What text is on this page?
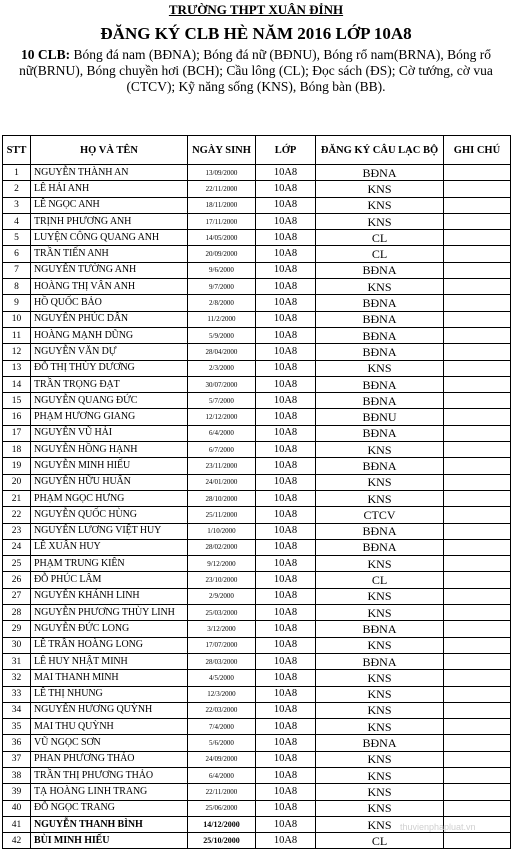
TRƯỜNG THPT XUÂN ĐỈNH
ĐĂNG KÝ CLB HÈ NĂM 2016 LỚP 10A8
10 CLB: Bóng đá nam (BĐNA); Bóng đá nữ (BĐNU), Bóng rổ nam(BRNA), Bóng rổ nữ(BRNU), Bóng chuyền hơi (BCH); Cầu lông (CL); Đọc sách (ĐS); Cờ tướng, cờ vua (CTCV); Kỹ năng sống (KNS), Bóng bàn (BB).
STT	HỌ VÀ TÊN	NGÀY SINH	LỚP	ĐĂNG KÝ CÂU LẠC BỘ	GHI CHÚ
1	NGUYỄN THÀNH AN	13/09/2000	10A8	BĐNA	
2	LÊ HẢI ANH	22/11/2000	10A8	KNS	
3	LÊ NGỌC ANH	18/11/2000	10A8	KNS	
4	TRỊNH PHƯƠNG ANH	17/11/2000	10A8	KNS	
5	LUYỆN CÔNG QUANG ANH	14/05/2000	10A8	CL	
6	TRẦN TIẾN ANH	20/09/2000	10A8	CL	
7	NGUYỄN TƯỜNG ANH	9/6/2000	10A8	BĐNA	
8	HOÀNG THỊ VÂN ANH	9/7/2000	10A8	KNS	
9	HỒ QUỐC BẢO	2/8/2000	10A8	BĐNA	
10	NGUYỄN PHÚC DÂN	11/2/2000	10A8	BĐNA	
11	HOÀNG MẠNH DŨNG	5/9/2000	10A8	BĐNA	
12	NGUYỄN VĂN DỰ	28/04/2000	10A8	BĐNA	
13	ĐỖ THỊ THÙY DƯƠNG	2/3/2000	10A8	KNS	
14	TRẦN TRỌNG ĐẠT	30/07/2000	10A8	BĐNA	
15	NGUYỄN QUANG ĐỨC	5/7/2000	10A8	BĐNA	
16	PHẠM HƯƠNG GIANG	12/12/2000	10A8	BĐNU	
17	NGUYỄN VŨ HẢI	6/4/2000	10A8	BĐNA	
18	NGUYỄN HỒNG HẠNH	6/7/2000	10A8	KNS	
19	NGUYỄN MINH HIẾU	23/11/2000	10A8	BĐNA	
20	NGUYỄN HỮU HUẤN	24/01/2000	10A8	KNS	
21	PHẠM NGỌC HƯNG	28/10/2000	10A8	KNS	
22	NGUYỄN QUỐC HÙNG	25/11/2000	10A8	CTCV	
23	NGUYỄN LƯƠNG VIỆT HUY	1/10/2000	10A8	BĐNA	
24	LÊ XUÂN HUY	28/02/2000	10A8	BĐNA	
25	PHẠM TRUNG KIÊN	9/12/2000	10A8	KNS	
26	ĐỖ PHÚC LÂM	23/10/2000	10A8	CL	
27	NGUYỄN KHÁNH LINH	2/9/2000	10A8	KNS	
28	NGUYỄN PHƯƠNG THÙY LINH	25/03/2000	10A8	KNS	
29	NGUYỄN ĐỨC LONG	3/12/2000	10A8	BĐNA	
30	LÊ TRẦN HOÀNG LONG	17/07/2000	10A8	KNS	
31	LÊ HUY NHẬT MINH	28/03/2000	10A8	BĐNA	
32	MAI THANH MINH	4/5/2000	10A8	KNS	
33	LÊ THỊ NHUNG	12/3/2000	10A8	KNS	
34	NGUYỄN HƯƠNG QUỲNH	22/03/2000	10A8	KNS	
35	MAI THU QUỲNH	7/4/2000	10A8	KNS	
36	VŨ NGỌC SƠN	5/6/2000	10A8	BĐNA	
37	PHAN PHƯƠNG THẢO	24/09/2000	10A8	KNS	
38	TRẦN THỊ PHƯƠNG THẢO	6/4/2000	10A8	KNS	
39	TẠ HOÀNG LINH TRANG	22/11/2000	10A8	KNS	
40	ĐỖ NGỌC TRANG	25/06/2000	10A8	KNS	
41	NGUYỄN THANH BÌNH	14/12/2000	10A8	KNS	
42	BÙI MINH HIẾU	25/10/2000	10A8	CL	
thuvienphapluat.vn
